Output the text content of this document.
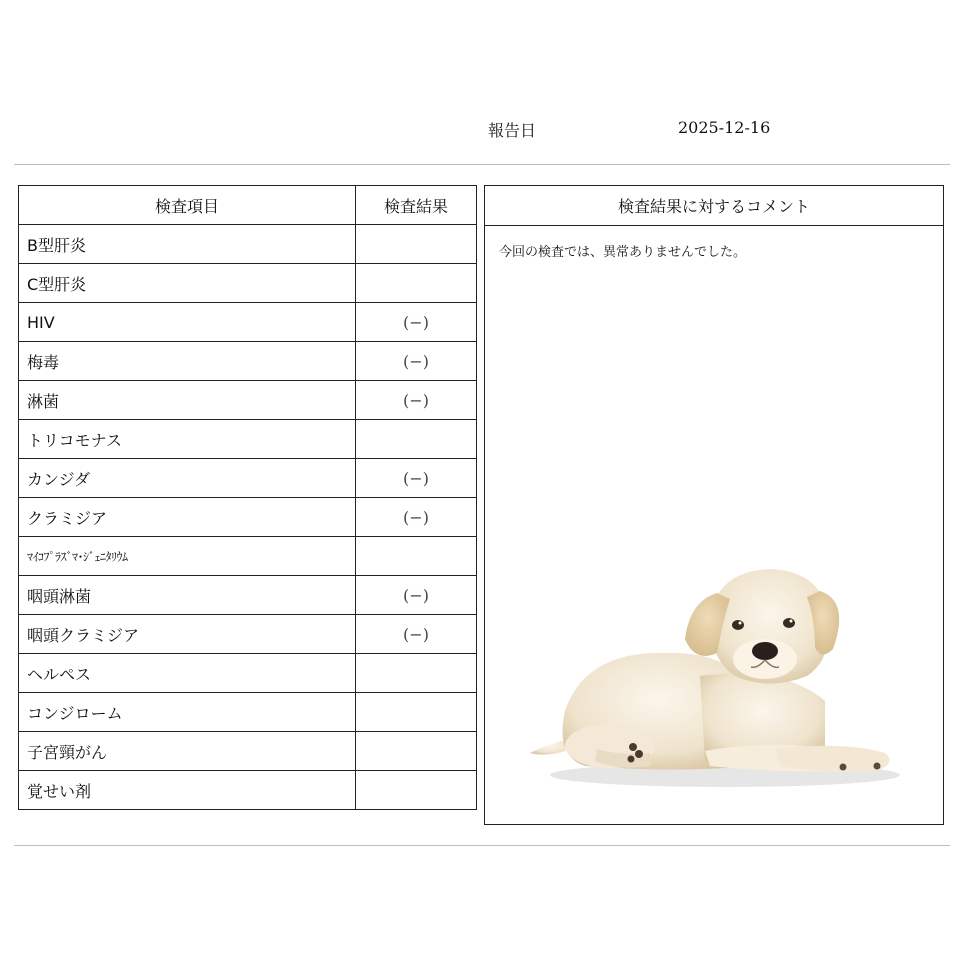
報告日	2025-12-16
検査項目	検査結果
B型肝炎	
C型肝炎	
HIV	(−)
梅毒	(−)
淋菌	(−)
トリコモナス	
カンジダ	(−)
クラミジア	(−)
ﾏｲｺﾌﾟﾗｽﾞﾏ･ｼﾞｪﾆﾀﾘｳﾑ	
咽頭淋菌	(−)
咽頭クラミジア	(−)
ヘルペス	
コンジローム	
子宮頸がん	
覚せい剤	
検査結果に対するコメント
今回の検査では、異常ありませんでした。
